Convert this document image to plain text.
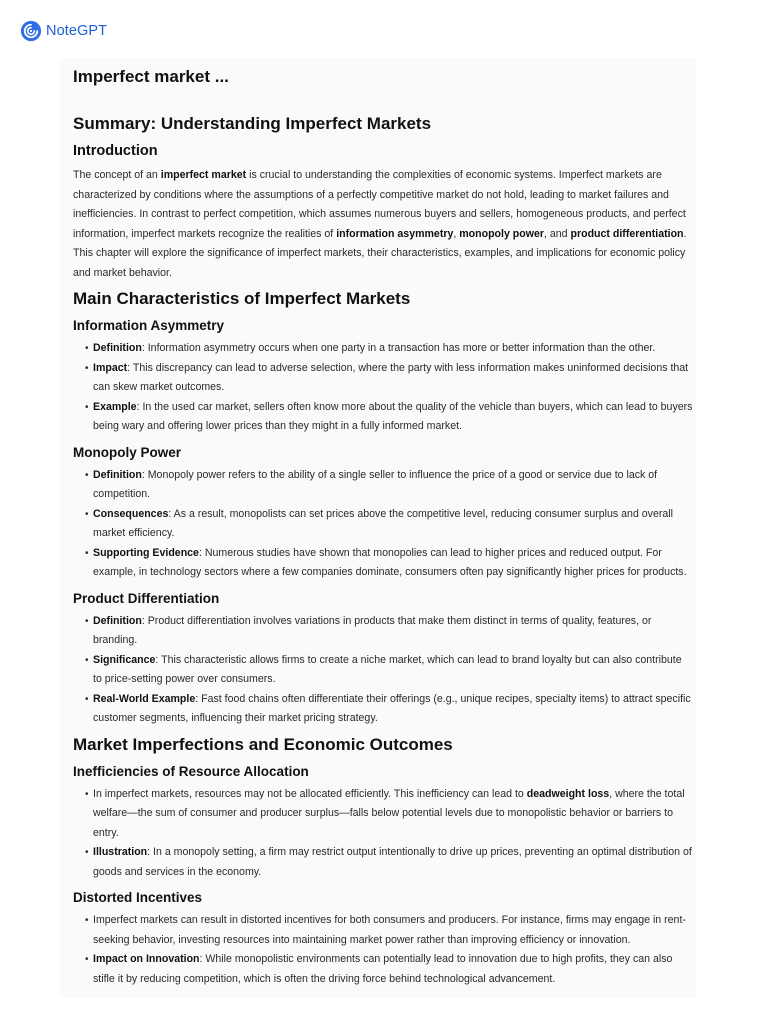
NoteGPT
Imperfect market ...
Summary: Understanding Imperfect Markets
Introduction

The concept of an imperfect market is crucial to understanding the complexities of economic systems. Imperfect markets are characterized by conditions where the assumptions of a perfectly competitive market do not hold, leading to market failures and inefficiencies. In contrast to perfect competition, which assumes numerous buyers and sellers, homogeneous products, and perfect information, imperfect markets recognize the realities of information asymmetry, monopoly power, and product differentiation. This chapter will explore the significance of imperfect markets, their characteristics, examples, and implications for economic policy and market behavior.

Main Characteristics of Imperfect Markets
Information Asymmetry
• Definition: Information asymmetry occurs when one party in a transaction has more or better information than the other.
• Impact: This discrepancy can lead to adverse selection, where the party with less information makes uninformed decisions that can skew market outcomes.
• Example: In the used car market, sellers often know more about the quality of the vehicle than buyers, which can lead to buyers being wary and offering lower prices than they might in a fully informed market.
Monopoly Power
• Definition: Monopoly power refers to the ability of a single seller to influence the price of a good or service due to lack of competition.
• Consequences: As a result, monopolists can set prices above the competitive level, reducing consumer surplus and overall market efficiency.
• Supporting Evidence: Numerous studies have shown that monopolies can lead to higher prices and reduced output. For example, in technology sectors where a few companies dominate, consumers often pay significantly higher prices for products.
Product Differentiation
• Definition: Product differentiation involves variations in products that make them distinct in terms of quality, features, or branding.
• Significance: This characteristic allows firms to create a niche market, which can lead to brand loyalty but can also contribute to price-setting power over consumers.
• Real-World Example: Fast food chains often differentiate their offerings (e.g., unique recipes, specialty items) to attract specific customer segments, influencing their market pricing strategy.
Market Imperfections and Economic Outcomes
Inefficiencies of Resource Allocation
• In imperfect markets, resources may not be allocated efficiently. This inefficiency can lead to deadweight loss, where the total welfare—the sum of consumer and producer surplus—falls below potential levels due to monopolistic behavior or barriers to entry.
• Illustration: In a monopoly setting, a firm may restrict output intentionally to drive up prices, preventing an optimal distribution of goods and services in the economy.
Distorted Incentives
• Imperfect markets can result in distorted incentives for both consumers and producers. For instance, firms may engage in rent-seeking behavior, investing resources into maintaining market power rather than improving efficiency or innovation.
• Impact on Innovation: While monopolistic environments can potentially lead to innovation due to high profits, they can also stifle it by reducing competition, which is often the driving force behind technological advancement.
